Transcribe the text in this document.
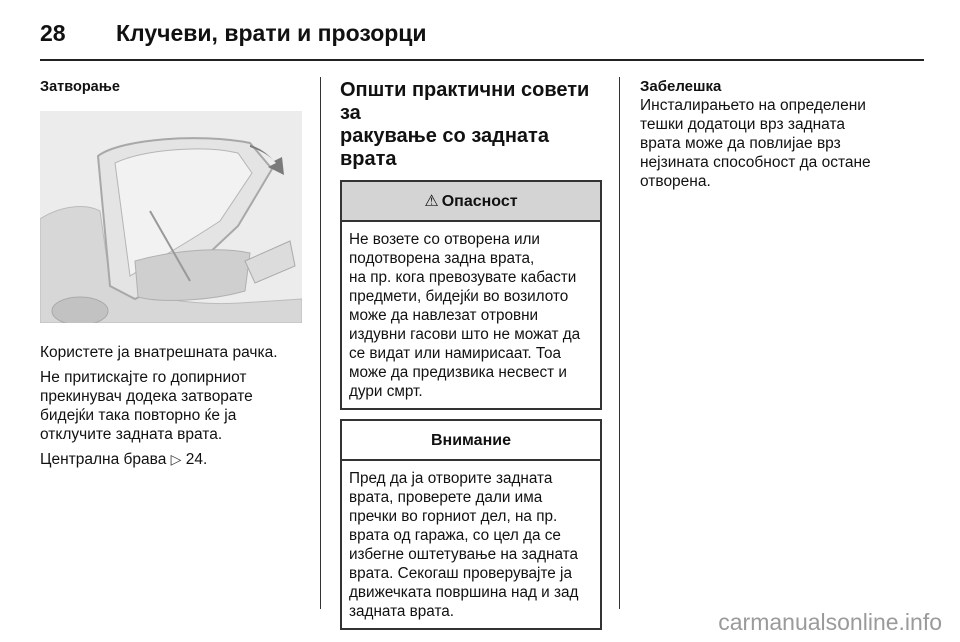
28 Клучеви, врати и прозорци
Затворање

Користете ја внатрешната рачка.

Не притискајте го допирниот
прекинувач додека затворате
бидејќи така повторно ќе ја
отклучите задната врата.

Централна брава ▷ 24.

Општи практични совети за
ракување со задната врата
⚠ Опасност
Не возете со отворена или
подотворена задна врата,
на пр. кога превозувате кабасти
предмети, бидејќи во возилото
може да навлезат отровни
издувни гасови што не можат да
се видат или намирисаат. Тоа
може да предизвика несвест и
дури смрт.
Внимание
Пред да ја отворите задната
врата, проверете дали има
пречки во горниот дел, на пр.
врата од гаража, со цел да се
избегне оштетување на задната
врата. Секогаш проверувајте ја
движечката површина над и зад
задната врата.
Забелешка
Инсталирањето на определени
тешки додатоци врз задната
врата може да повлијае врз
нејзината способност да остане
отворена.
carmanualsonline.info
